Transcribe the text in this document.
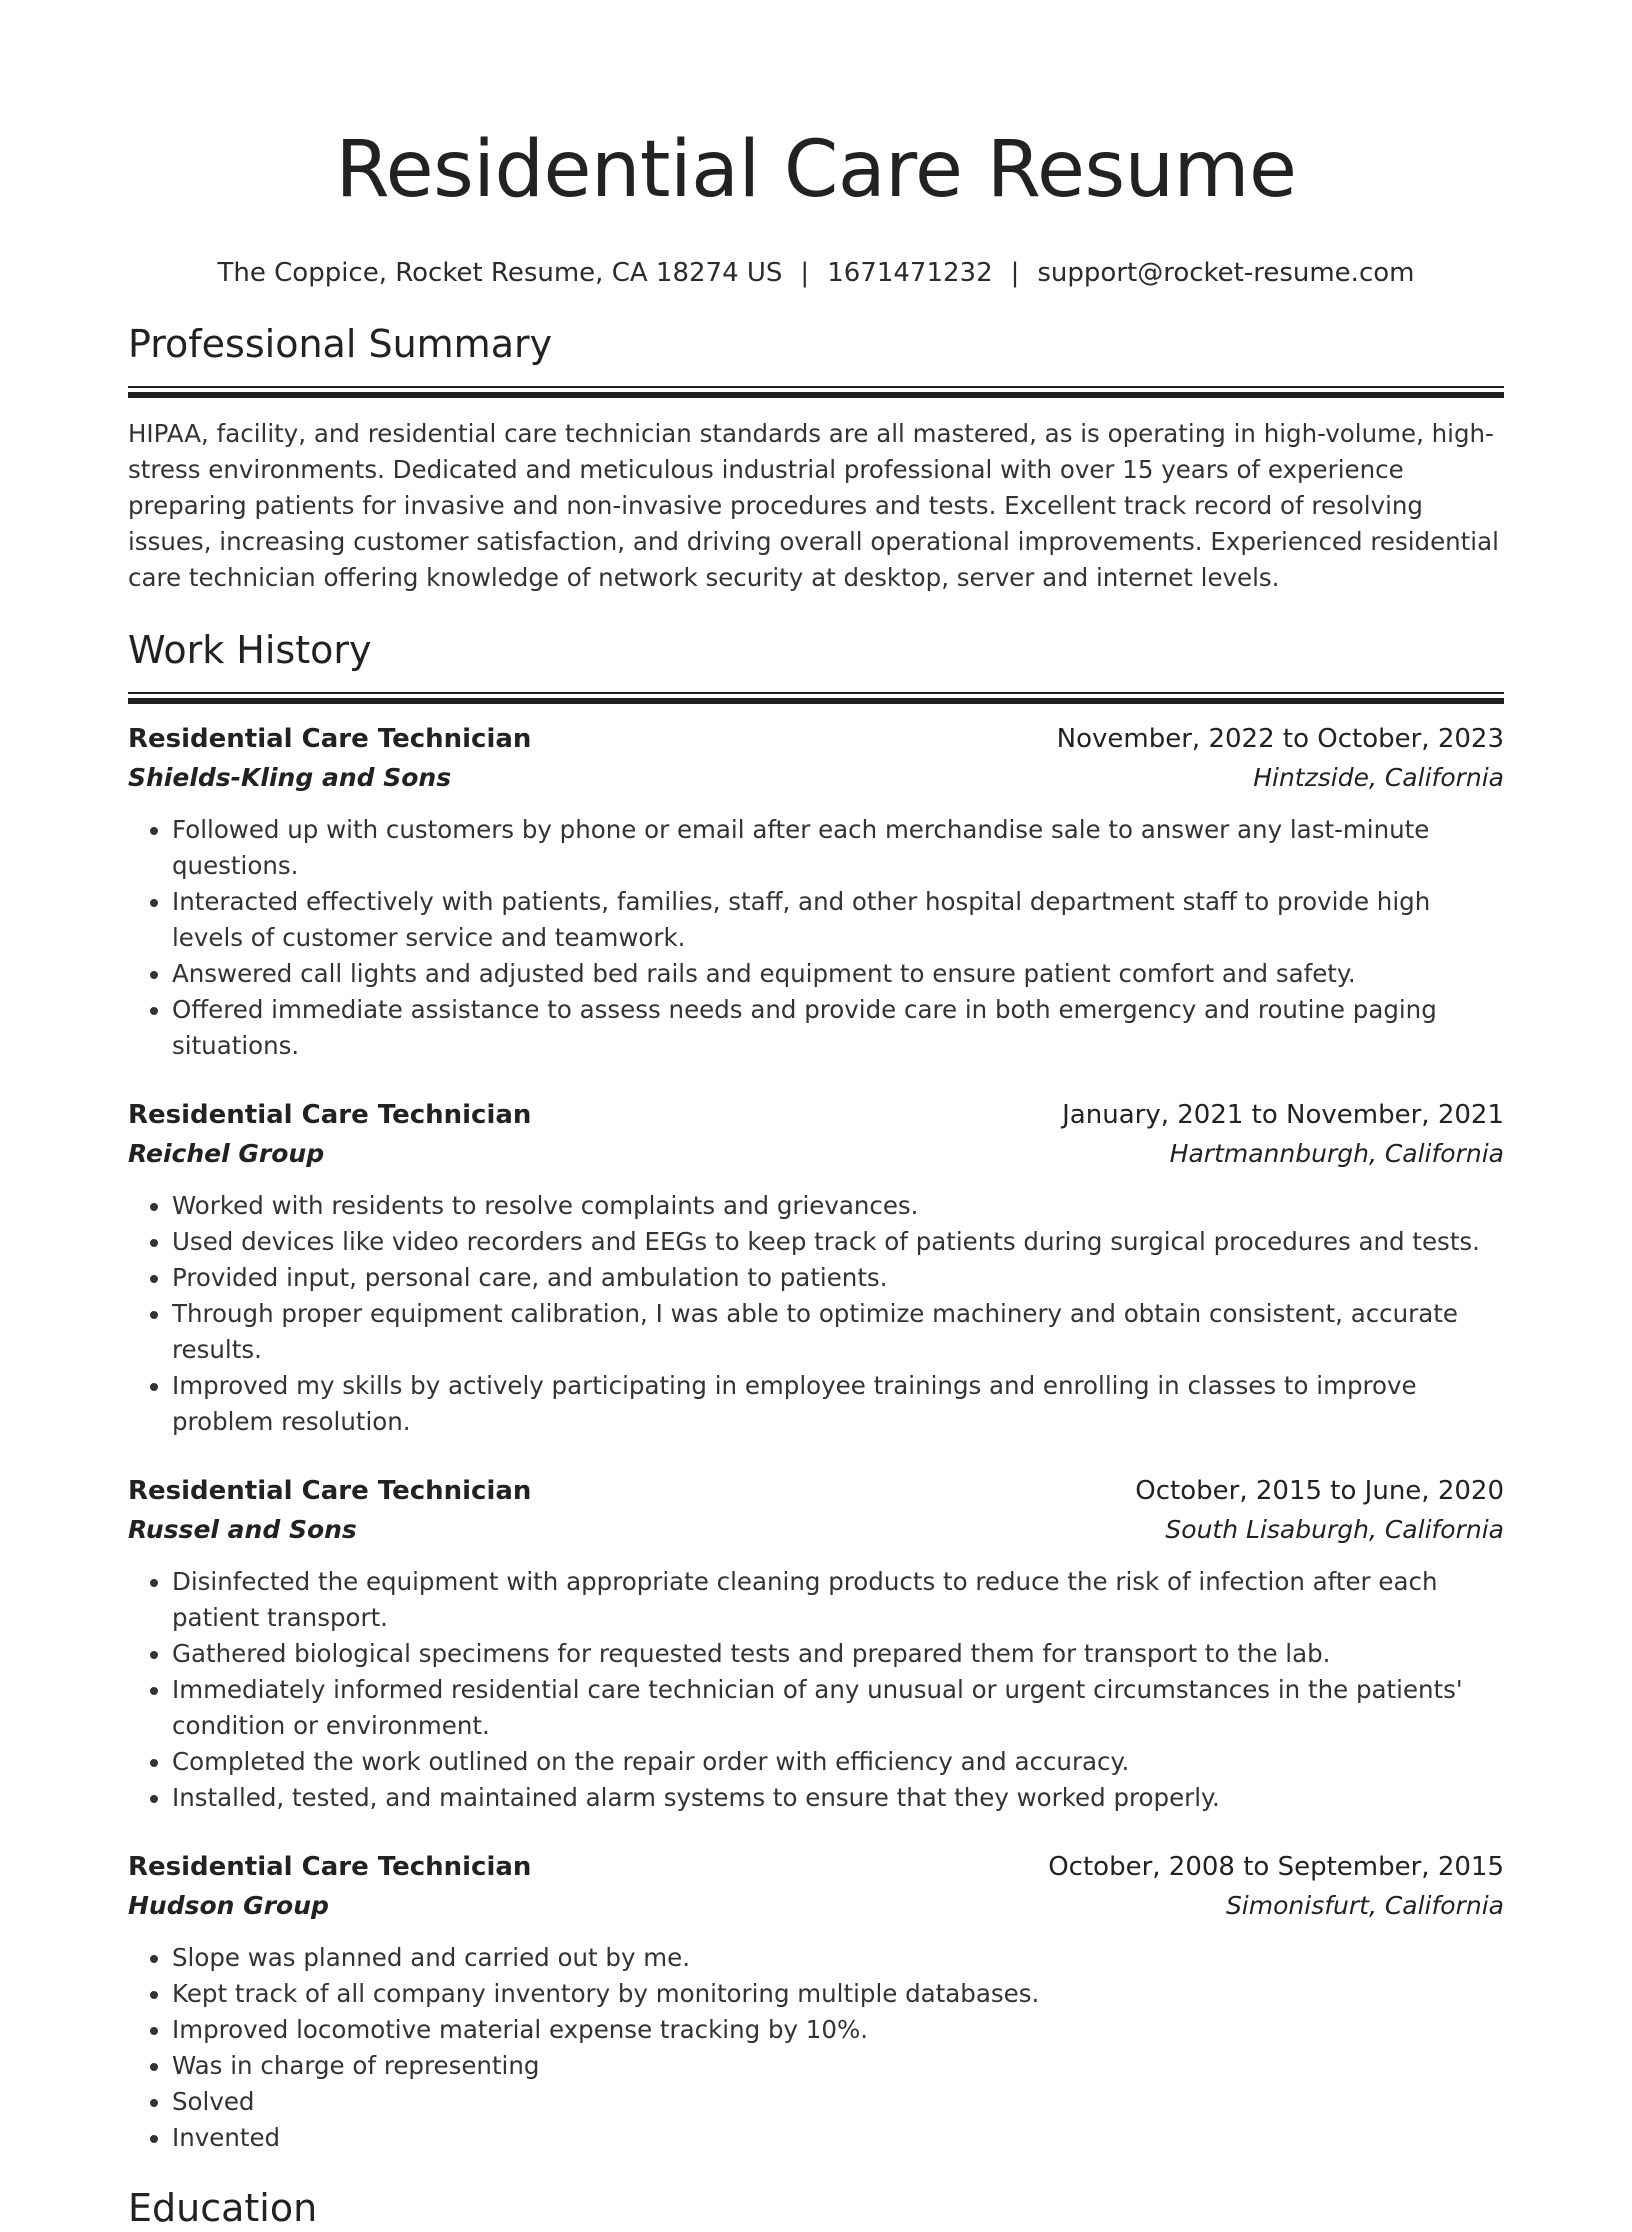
Residential Care Resume
The Coppice, Rocket Resume, CA 18274 US | 1671471232 | support@rocket-resume.com
Professional Summary

HIPAA, facility, and residential care technician standards are all mastered, as is operating in high-volume, high-stress environments. Dedicated and meticulous industrial professional with over 15 years of experience preparing patients for invasive and non-invasive procedures and tests. Excellent track record of resolving issues, increasing customer satisfaction, and driving overall operational improvements. Experienced residential care technician offering knowledge of network security at desktop, server and internet levels.

Work History
Residential Care Technician	November, 2022 to October, 2023
Shields-Kling and Sons	Hintzside, California
• Followed up with customers by phone or email after each merchandise sale to answer any last-minute questions.
• Interacted effectively with patients, families, staff, and other hospital department staff to provide high levels of customer service and teamwork.
• Answered call lights and adjusted bed rails and equipment to ensure patient comfort and safety.
• Offered immediate assistance to assess needs and provide care in both emergency and routine paging situations.
Residential Care Technician	January, 2021 to November, 2021
Reichel Group	Hartmannburgh, California
• Worked with residents to resolve complaints and grievances.
• Used devices like video recorders and EEGs to keep track of patients during surgical procedures and tests.
• Provided input, personal care, and ambulation to patients.
• Through proper equipment calibration, I was able to optimize machinery and obtain consistent, accurate results.
• Improved my skills by actively participating in employee trainings and enrolling in classes to improve problem resolution.
Residential Care Technician	October, 2015 to June, 2020
Russel and Sons	South Lisaburgh, California
• Disinfected the equipment with appropriate cleaning products to reduce the risk of infection after each patient transport.
• Gathered biological specimens for requested tests and prepared them for transport to the lab.
• Immediately informed residential care technician of any unusual or urgent circumstances in the patients' condition or environment.
• Completed the work outlined on the repair order with efficiency and accuracy.
• Installed, tested, and maintained alarm systems to ensure that they worked properly.
Residential Care Technician	October, 2008 to September, 2015
Hudson Group	Simonisfurt, California
• Slope was planned and carried out by me.
• Kept track of all company inventory by monitoring multiple databases.
• Improved locomotive material expense tracking by 10%.
• Was in charge of representing
• Solved
• Invented
Education
